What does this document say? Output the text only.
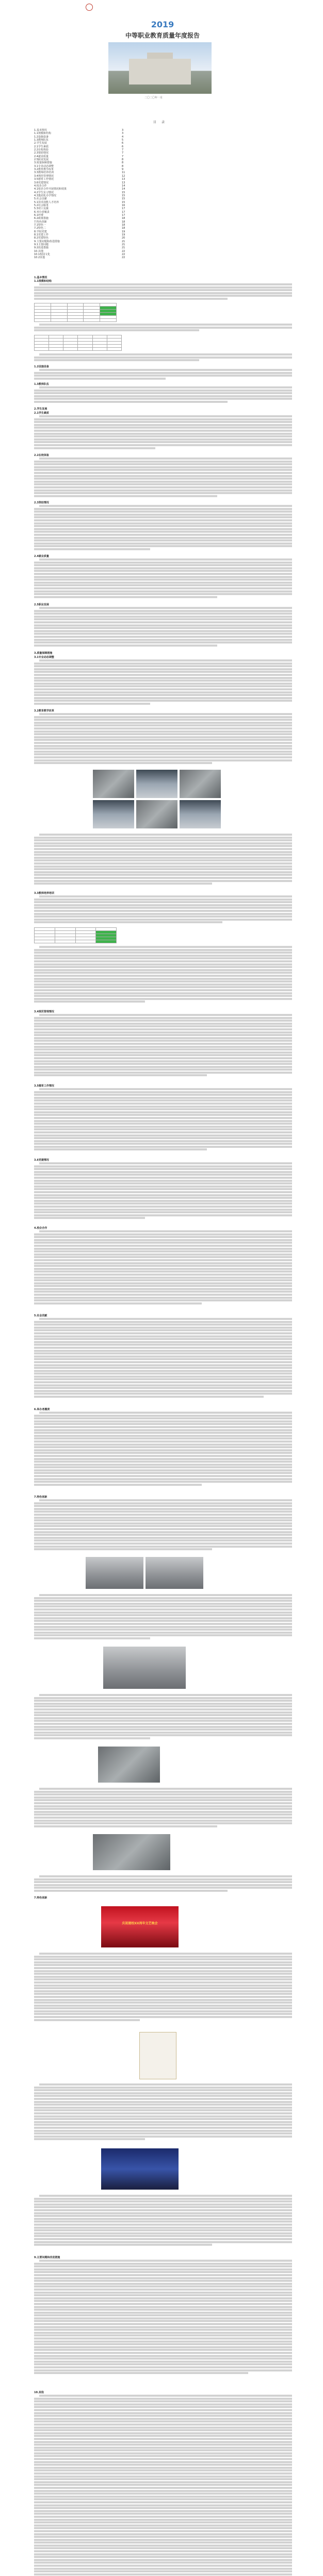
2019
中等职业教育质量年度报告
二〇二〇年一月
目 录
1.基本情况	3
1.1规模和结构	3
1.2设施设备	4
1.3教师队伍	5
2.学生发展	6
2.1学生素质	6
2.2在校体验	7
2.3资助情况	7
2.4就业质量	7
2.5职业发展	8
3.质量保障措施	8
3.1专业动态调整	8
3.2教育教学改革	9
3.3教师培养培训	11
3.4规范管理情况	12
3.5德育工作情况	13
3.6党建情况	13
4.校企合作	14
4.1校企合作开展情况和效果	14
4.2学生实习情况	15
4.3集团化办学情况	15
5.社会贡献	15
5.1技术技能人才培养	15
5.2社会服务	16
5.3对口支援	17
6.举办者履责	17
6.1经费	17
6.2政策措施	18
7.特色创新	18
7.1特色一	18
7.2特色二	18
8.学校党建	19
8.1党建工作	19
8.2党建特色	20
9.主要问题和改进措施	21
9.1主要问题	21
9.2改进措施	21
10.其他	22
10.1校园文化	22
10.2其他	22
1.基本情况
1.1规模和结构

1.2设施设备
1.3教师队伍
2.学生发展
2.1学生素质
2.2在校体验
2.3资助情况
2.4就业质量
2.5职业发展
3.质量保障措施
3.1专业动态调整
3.2教育教学改革
3.3教师培养培训

3.4规范管理情况
3.5德育工作情况
3.6党建情况
4.校企合作
5.社会贡献
6.举办者履责
7.特色创新
7.特色创新
庆祝建校XX周年文艺晚会
9.主要问题和改进措施
10.其他
